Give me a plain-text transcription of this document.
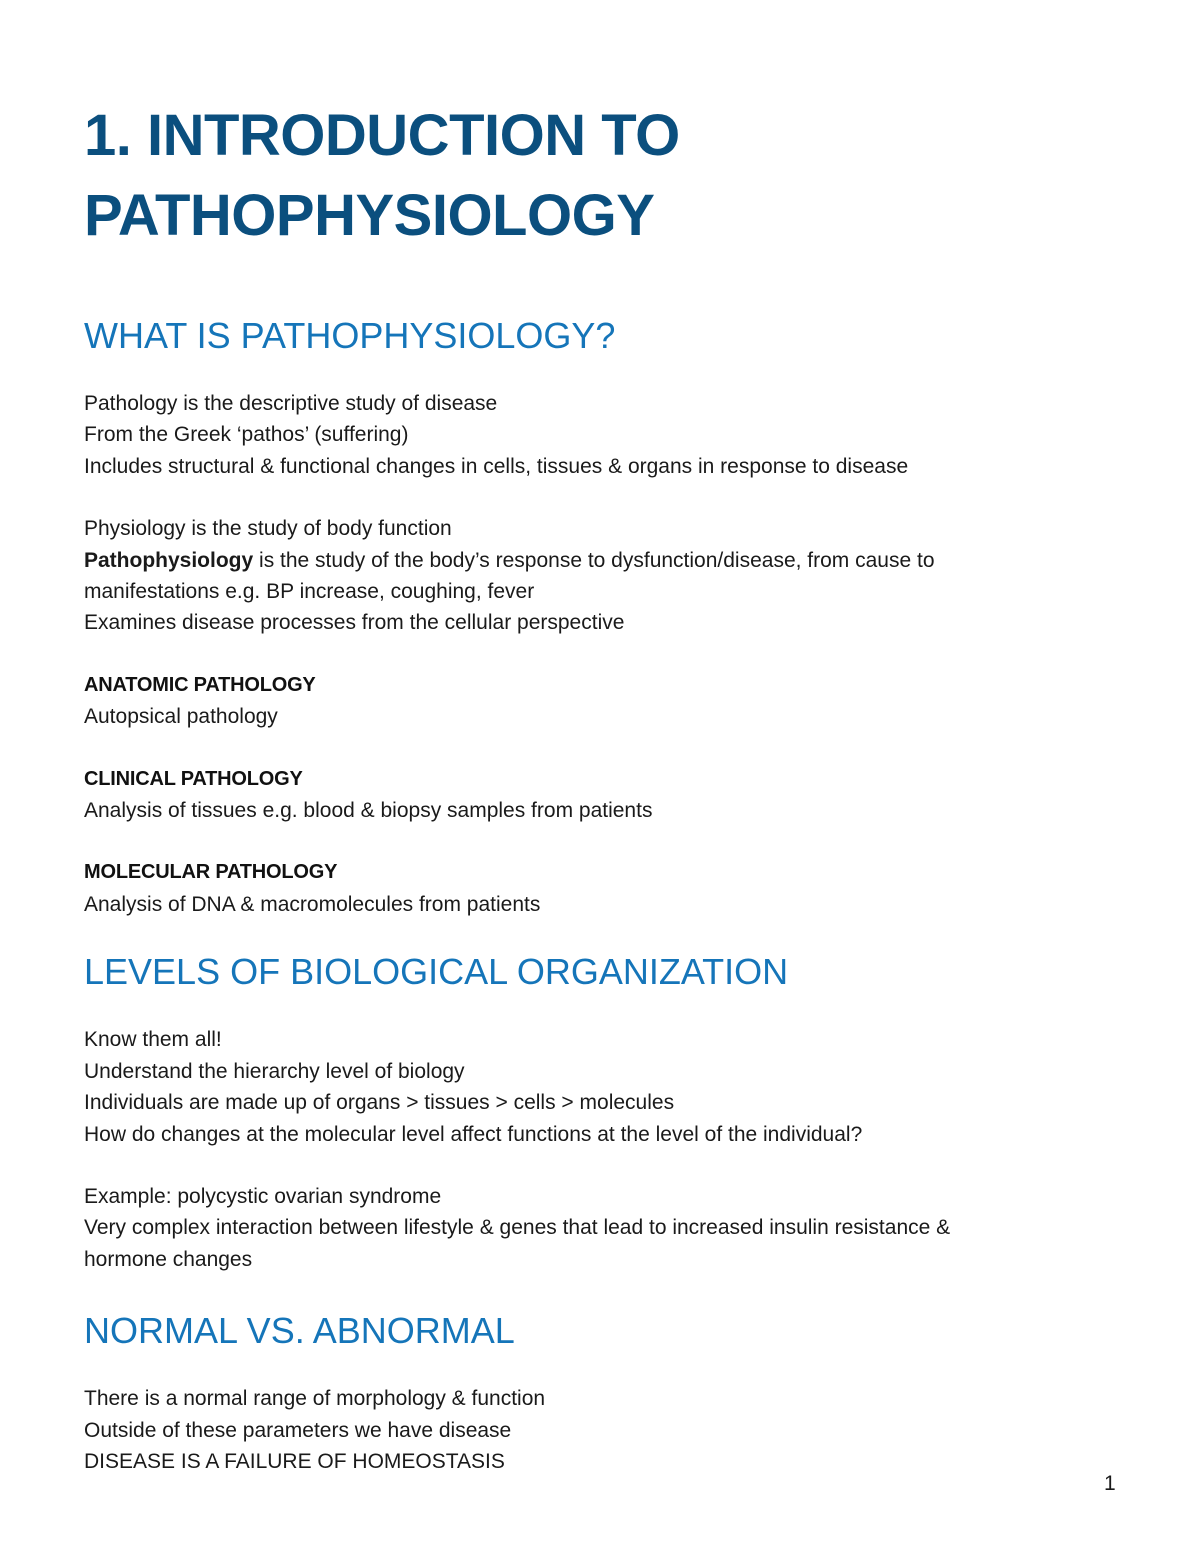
1. INTRODUCTION TO
PATHOPHYSIOLOGY
WHAT IS PATHOPHYSIOLOGY?

Pathology is the descriptive study of disease

From the Greek ‘pathos’ (suffering)

Includes structural & functional changes in cells, tissues & organs in response to disease

Physiology is the study of body function

Pathophysiology is the study of the body’s response to dysfunction/disease, from cause to

manifestations e.g. BP increase, coughing, fever

Examines disease processes from the cellular perspective

ANATOMIC PATHOLOGY

Autopsical pathology

CLINICAL PATHOLOGY

Analysis of tissues e.g. blood & biopsy samples from patients

MOLECULAR PATHOLOGY

Analysis of DNA & macromolecules from patients

LEVELS OF BIOLOGICAL ORGANIZATION

Know them all!

Understand the hierarchy level of biology

Individuals are made up of organs > tissues > cells > molecules

How do changes at the molecular level affect functions at the level of the individual?

Example: polycystic ovarian syndrome

Very complex interaction between lifestyle & genes that lead to increased insulin resistance &

hormone changes

NORMAL VS. ABNORMAL

There is a normal range of morphology & function

Outside of these parameters we have disease

DISEASE IS A FAILURE OF HOMEOSTASIS

1
